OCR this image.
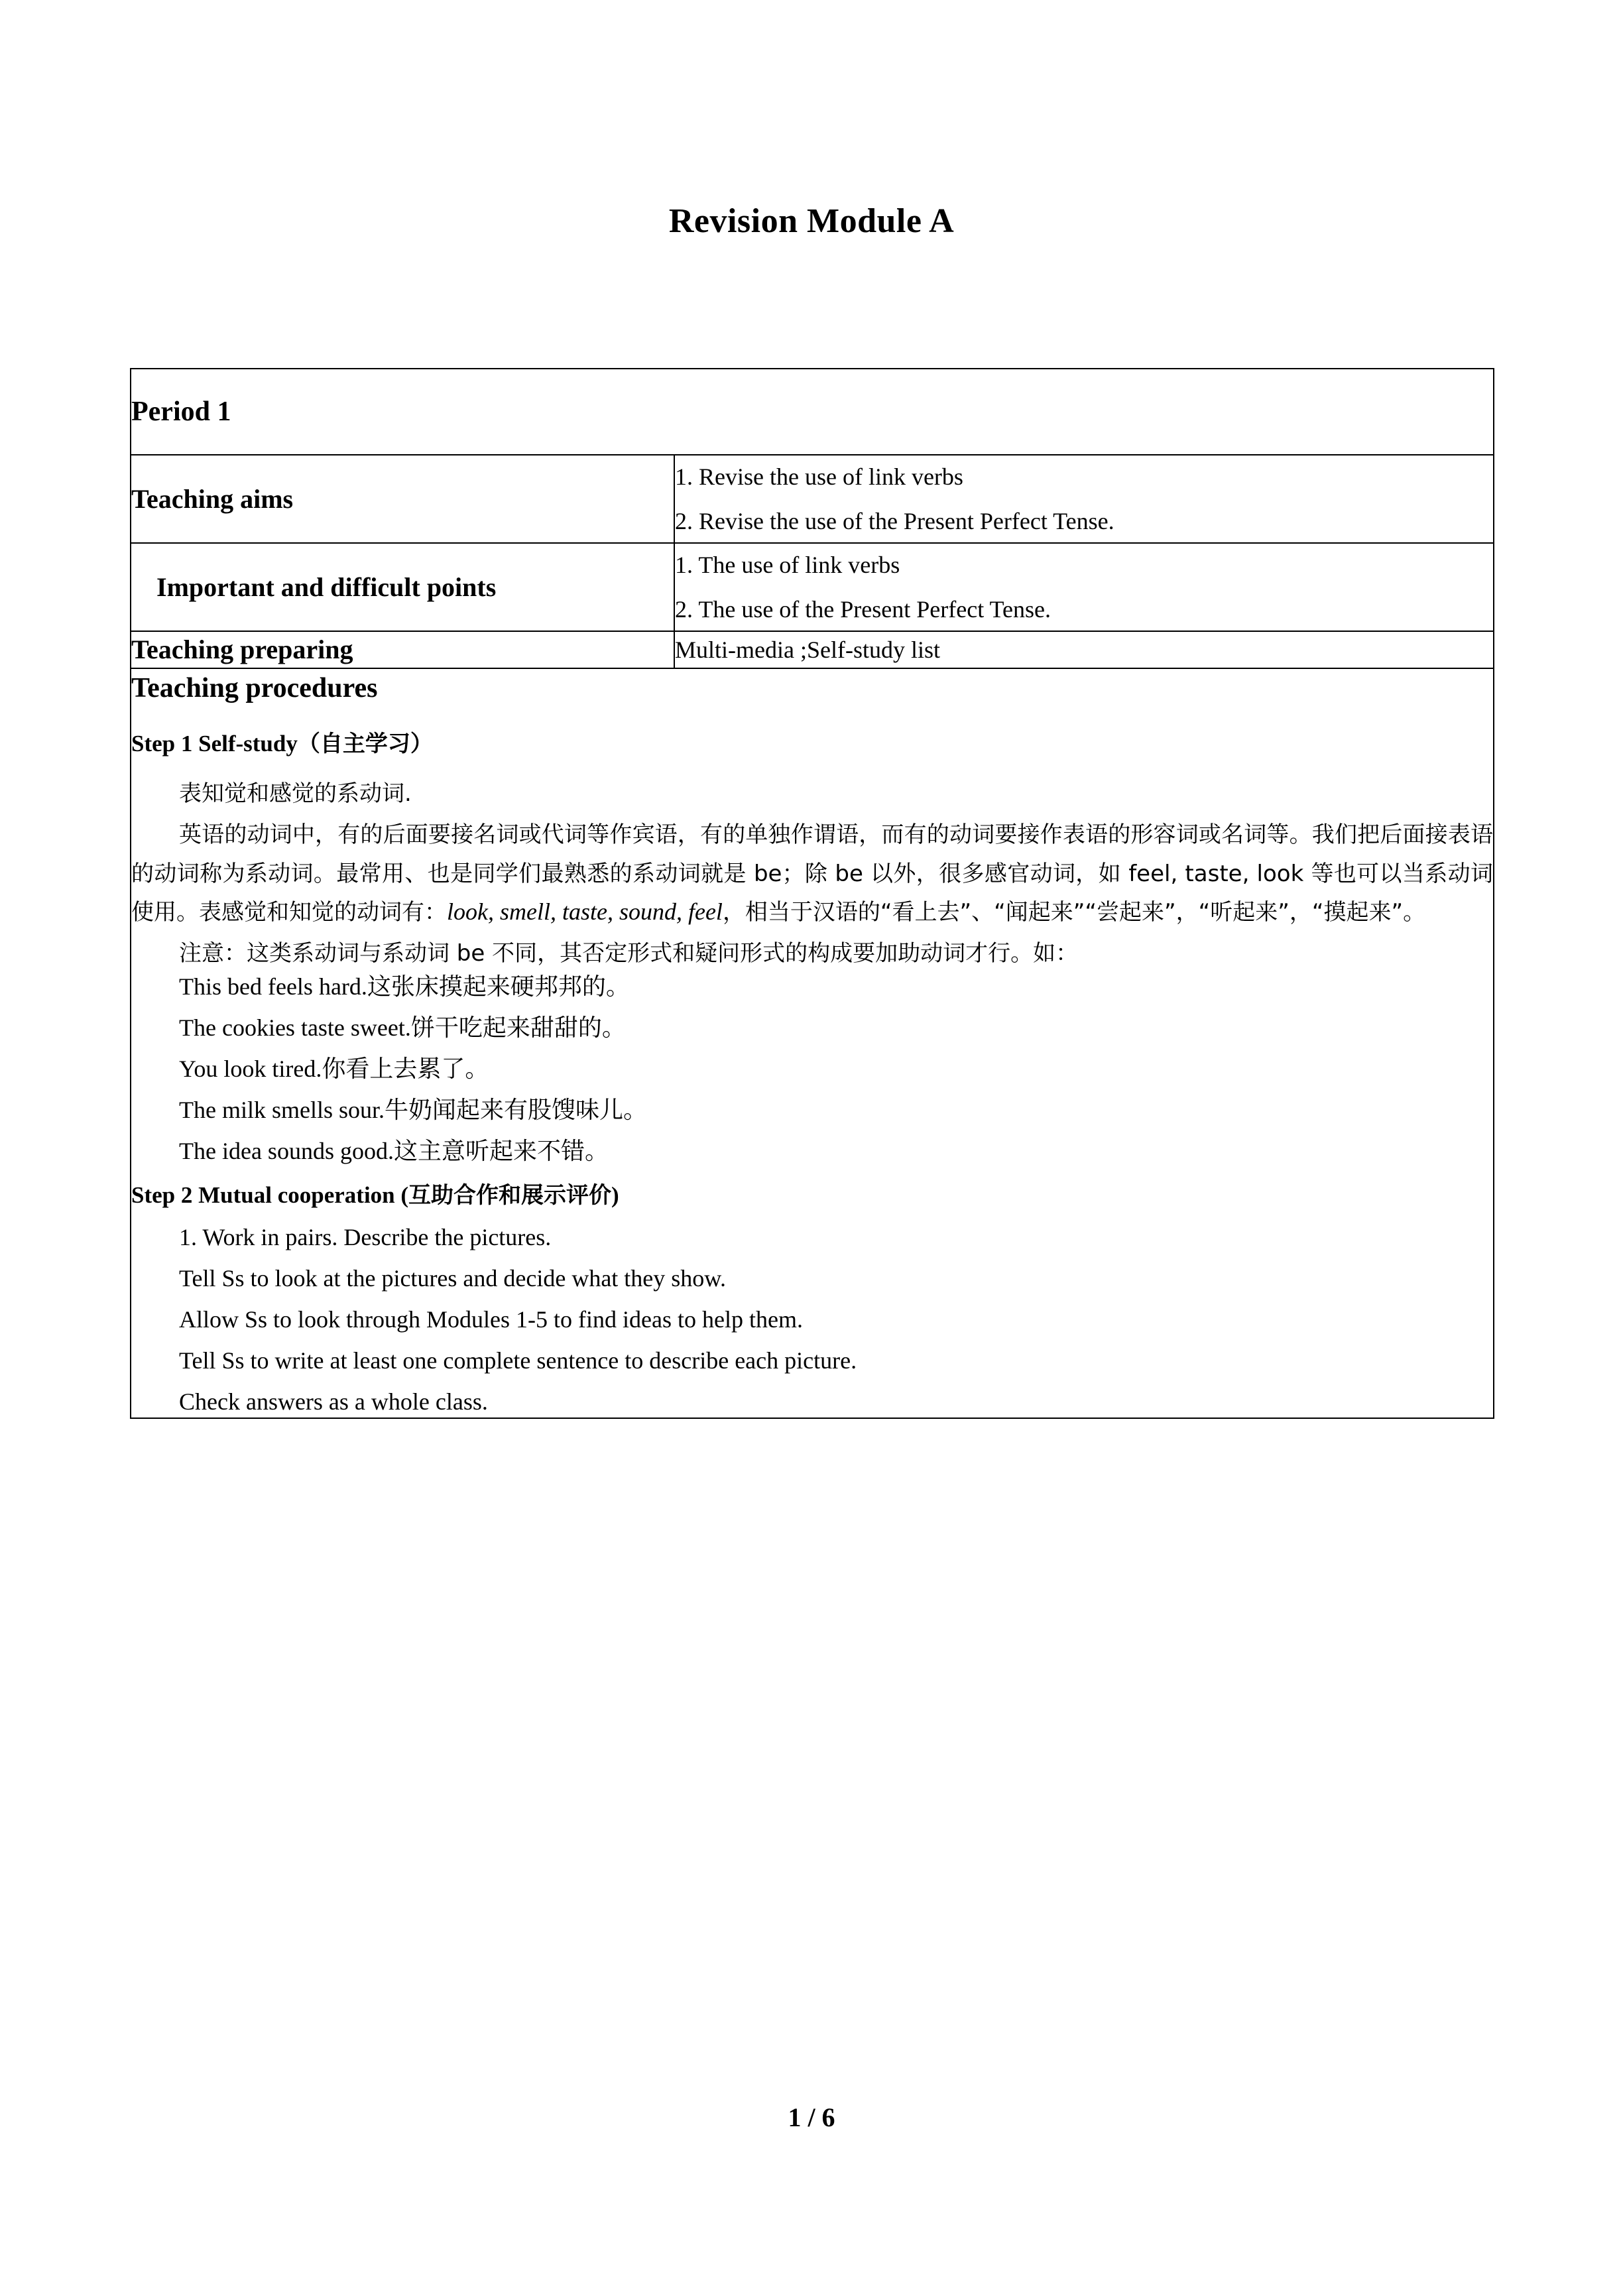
Revision Module A
Period 1	
Teaching aims	1. Revise the use of link verbs
2. Revise the use of the Present Perfect Tense.

Important and difficult points	1. The use of link verbs
2. The use of the Present Perfect Tense.

Teaching preparing	Multi-media ;Self-study list

Teaching procedures
Step 1 Self-study（自主学习）

表知觉和感觉的系动词.

英语的动词中，有的后面要接名词或代词等作宾语，有的单独作谓语，而有的动词要接作表语的形容词或名词等。我们把后面接表语的动词称为系动词。最常用、也是同学们最熟悉的系动词就是 be；除 be 以外，很多感官动词，如 feel, taste, look 等也可以当系动词使用。表感觉和知觉的动词有：look, smell, taste, sound, feel，相当于汉语的“看上去”、“闻起来”“尝起来”，“听起来”，“摸起来”。

注意：这类系动词与系动词 be 不同，其否定形式和疑问形式的构成要加助动词才行。如：

This bed feels hard.这张床摸起来硬邦邦的。
The cookies taste sweet.饼干吃起来甜甜的。
You look tired.你看上去累了。
The milk smells sour.牛奶闻起来有股馊味儿。
The idea sounds good.这主意听起来不错。
Step 2 Mutual cooperation (互助合作和展示评价)
1. Work in pairs. Describe the pictures.
Tell Ss to look at the pictures and decide what they show.
Allow Ss to look through Modules 1-5 to find ideas to help them.
Tell Ss to write at least one complete sentence to describe each picture.
Check answers as a whole class.
1 / 6
